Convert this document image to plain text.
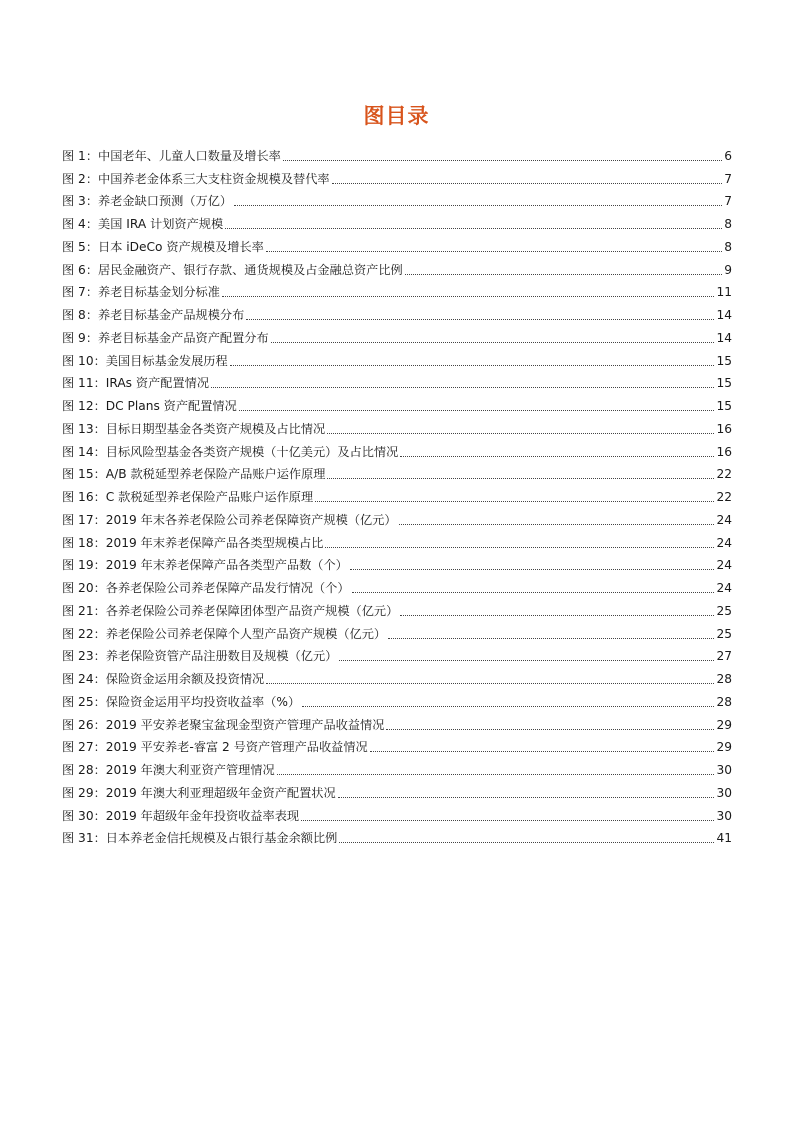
图目录
图 1： 中国老年、儿童人口数量及增长率	6
图 2： 中国养老金体系三大支柱资金规模及替代率	7
图 3： 养老金缺口预测（万亿）	7
图 4： 美国 IRA 计划资产规模	8
图 5： 日本 iDeCo 资产规模及增长率	8
图 6： 居民金融资产、银行存款、通货规模及占金融总资产比例	9
图 7： 养老目标基金划分标准	11
图 8： 养老目标基金产品规模分布	14
图 9： 养老目标基金产品资产配置分布	14
图 10： 美国目标基金发展历程	15
图 11： IRAs 资产配置情况	15
图 12： DC Plans 资产配置情况	15
图 13： 目标日期型基金各类资产规模及占比情况	16
图 14： 目标风险型基金各类资产规模（十亿美元）及占比情况	16
图 15： A/B 款税延型养老保险产品账户运作原理	22
图 16： C 款税延型养老保险产品账户运作原理	22
图 17： 2019 年末各养老保险公司养老保障资产规模（亿元）	24
图 18： 2019 年末养老保障产品各类型规模占比	24
图 19： 2019 年末养老保障产品各类型产品数（个）	24
图 20： 各养老保险公司养老保障产品发行情况（个）	24
图 21： 各养老保险公司养老保障团体型产品资产规模（亿元）	25
图 22： 养老保险公司养老保障个人型产品资产规模（亿元）	25
图 23： 养老保险资管产品注册数目及规模（亿元）	27
图 24： 保险资金运用余额及投资情况	28
图 25： 保险资金运用平均投资收益率（%）	28
图 26： 2019 平安养老聚宝盆现金型资产管理产品收益情况	29
图 27： 2019 平安养老-睿富 2 号资产管理产品收益情况	29
图 28： 2019 年澳大利亚资产管理情况	30
图 29： 2019 年澳大利亚理超级年金资产配置状况	30
图 30： 2019 年超级年金年投资收益率表现	30
图 31： 日本养老金信托规模及占银行基金余额比例	41
